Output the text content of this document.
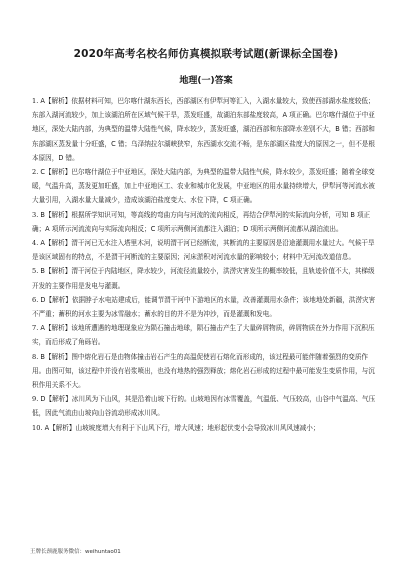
2020年高考名校名师仿真模拟联考试题(新课标全国卷)
地理(一)答案

1. A【解析】依据材料可知，巴尔喀什湖东西长，西部湖区有伊犁河等汇入，入湖水量较大，致使西部湖水盐度较低；东部入湖河流较少，加上该湖泊所在区域气候干旱，蒸发旺盛，故湖泊东部盐度较高，A 项正确。巴尔喀什湖位于中亚地区，深处大陆内部，为典型的温带大陆性气候，降水较少，蒸发旺盛，湖泊西部和东部降水差别不大，B 错；西部和东部湖区蒸发量十分旺盛，C 错；乌泽纳拉尔湖峡狭窄，东西湖水交流不畅，是东部湖区盐度大的原因之一，但不是根本原因，D 错。

2. C【解析】巴尔喀什湖位于中亚地区，深处大陆内部，为典型的温带大陆性气候，降水较少，蒸发旺盛；随着全球变暖，气温升高，蒸发更加旺盛，加上中亚地区工、农业和城市化发展，中亚地区的用水量持续增大，伊犁河等河流水被大量引用，入湖水量大量减少，造成该湖泊盐度变大、水位下降，C 项正确。

3. B【解析】根据所学知识可知，等高线的弯曲方向与河流的流向相反，再结合伊犁河的实际流向分析，可知 B 项正确；A 项所示河流流向与实际流向相反；C 项所示两侧河流都注入湖泊；D 项所示两侧河流都从湖泊流出。

4. A【解析】渭干河已无水注入塔里木河，说明渭干河已经断流，其断流的主要原因是沿途灌溉用水量过大。气候干旱是该区域固有的特点，不是渭干河断流的主要原因；河床淤积对河流水量的影响较小；材料中无河流改道信息。

5. B【解析】渭干河位于内陆地区，降水较少，河流径流量较小，洪涝灾害发生的概率较低，且轨迹价值不大，其梯级开发的主要作用是发电与灌溉。

6. D【解析】依据脖子水电站建成后，能调节渭干河中下游地区的水量，改善灌溉用水条件；该地地处新疆，洪涝灾害不严重；蓄积的河水主要为冰雪融水；蓄水的目的并不是为冲沙，而是灌溉和发电。

7. A【解析】该地所遭遇的地理现象应为陨石撞击地球，陨石撞击产生了大量碎屑物质，碎屑物质在外力作用下沉积压实，而后形成了角砾岩。

8. B【解析】图中熔化岩石是由物体撞击岩石产生的高温促使岩石熔化而形成的，该过程最可能伴随着强烈的变质作用。由图可知，该过程中并没有岩浆喷出，也没有地热的强烈释放；熔化岩石形成的过程中最可能发生变质作用，与沉积作用关系不大。

9. D【解析】冰川风为下山风，其是沿着山坡下行的。山坡地因有冰雪覆盖，气温低、气压较高，山谷中气温高、气压低，因此气流由山坡向山谷流动形成冰川风。

10. A【解析】山坡坡度增大有利于下山风下行，增大风速；地形起伏变小会导致冰川风风速减小；

王牌长颈鹿服务微信：weihuntao01
